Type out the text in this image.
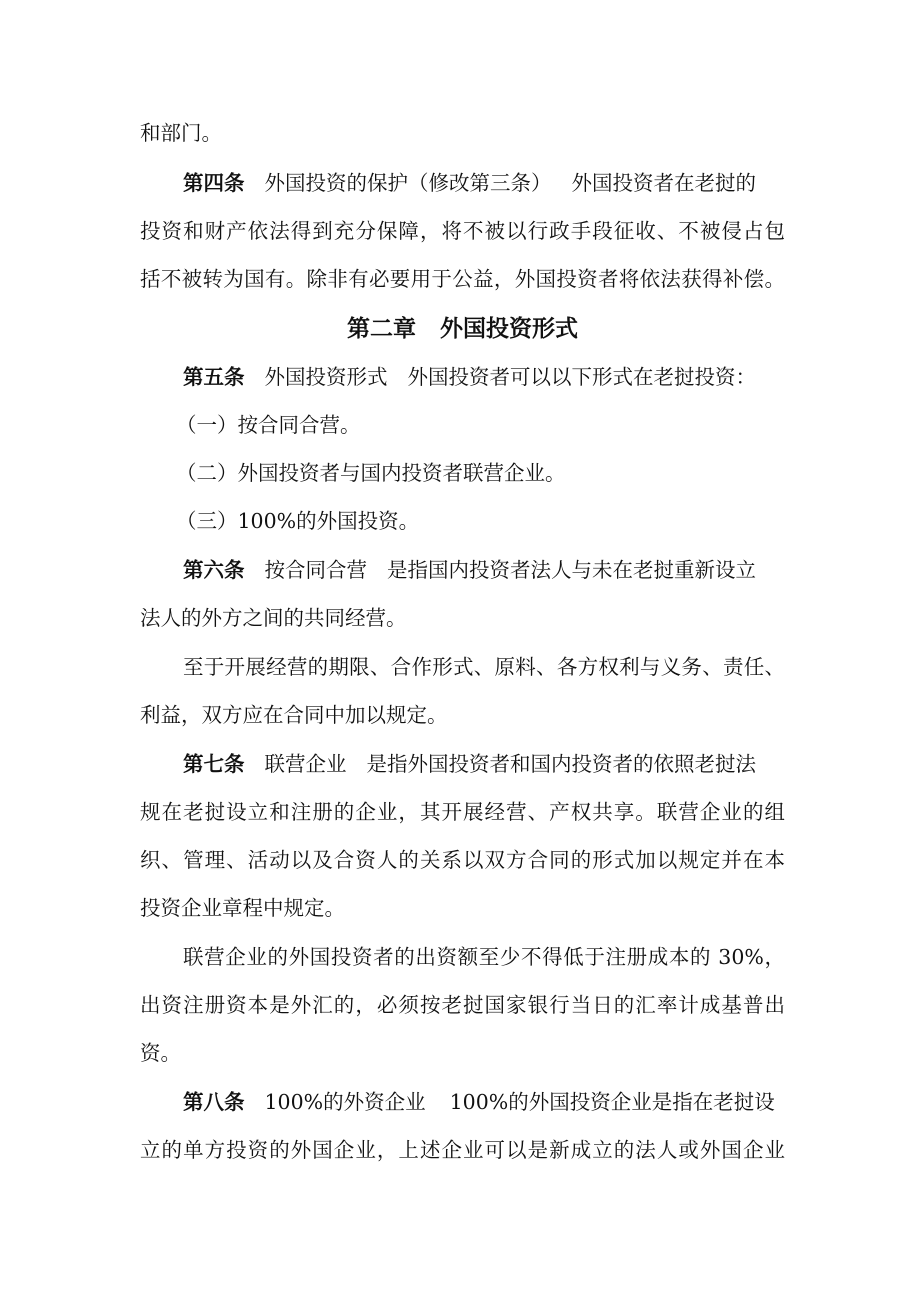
和部门。
第四条 外国投资的保护（修改第三条） 外国投资者在老挝的
投资和财产依法得到充分保障，将不被以行政手段征收、不被侵占包
括不被转为国有。除非有必要用于公益，外国投资者将依法获得补偿。
第二章 外国投资形式
第五条 外国投资形式 外国投资者可以以下形式在老挝投资：
（一）按合同合营。
（二）外国投资者与国内投资者联营企业。
（三）100%的外国投资。
第六条 按合同合营 是指国内投资者法人与未在老挝重新设立
法人的外方之间的共同经营。
至于开展经营的期限、合作形式、原料、各方权利与义务、责任、
利益，双方应在合同中加以规定。
第七条 联营企业 是指外国投资者和国内投资者的依照老挝法
规在老挝设立和注册的企业，其开展经营、产权共享。联营企业的组
织、管理、活动以及合资人的关系以双方合同的形式加以规定并在本
投资企业章程中规定。
联营企业的外国投资者的出资额至少不得低于注册成本的 30%，
出资注册资本是外汇的，必须按老挝国家银行当日的汇率计成基普出
资。
第八条 100%的外资企业 100%的外国投资企业是指在老挝设
立的单方投资的外国企业，上述企业可以是新成立的法人或外国企业
